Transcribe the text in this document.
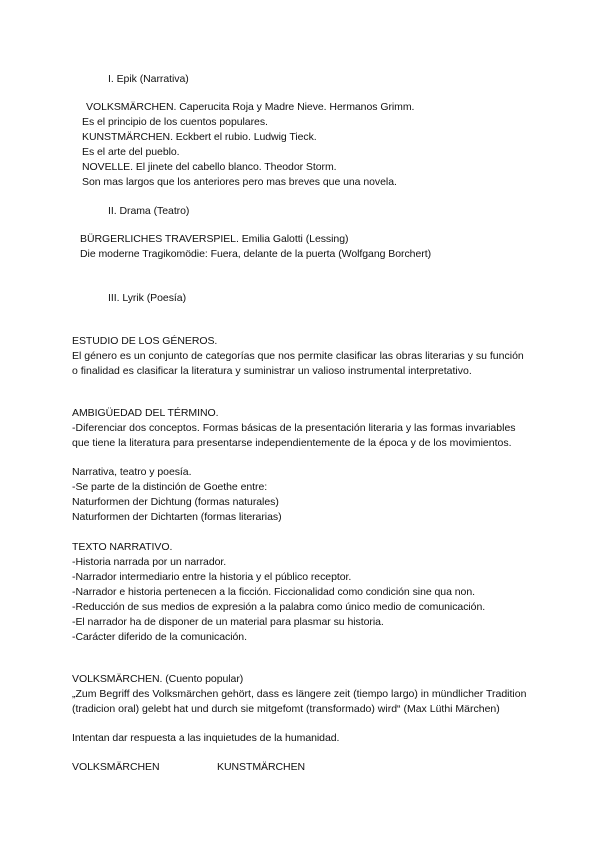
I. Epik (Narrativa)
VOLKSMÄRCHEN. Caperucita Roja y Madre Nieve. Hermanos Grimm.
Es el principio de los cuentos populares.
KUNSTMÄRCHEN. Eckbert el rubio. Ludwig Tieck.
Es el arte del pueblo.
NOVELLE. El jinete del cabello blanco. Theodor Storm.
Son mas largos que los anteriores pero mas breves que una novela.
II. Drama (Teatro)
BÜRGERLICHES TRAVERSPIEL. Emilia Galotti (Lessing)
Die moderne Tragikomödie: Fuera, delante de la puerta (Wolfgang Borchert)
III. Lyrik (Poesía)
ESTUDIO DE LOS GÉNEROS.
El género es un conjunto de categorías que nos permite clasificar las obras literarias y su función o finalidad es clasificar la literatura y suministrar un valioso instrumental interpretativo.
AMBIGÜEDAD DEL TÉRMINO.
-Diferenciar dos conceptos. Formas básicas de la presentación literaria y las formas invariables que tiene la literatura para presentarse independientemente de la época y de los movimientos.
Narrativa, teatro y poesía.
-Se parte de la distinción de Goethe entre:
Naturformen der Dichtung (formas naturales)
Naturformen der Dichtarten (formas literarias)
TEXTO NARRATIVO.
-Historia narrada por un narrador.
-Narrador intermediario entre la historia y el público receptor.
-Narrador e historia pertenecen a la ficción. Ficcionalidad como condición sine qua non.
-Reducción de sus medios de expresión a la palabra como único medio de comunicación.
-El narrador ha de disponer de un material para plasmar su historia.
-Carácter diferido de la comunicación.
VOLKSMÄRCHEN. (Cuento popular)
„Zum Begriff des Volksmärchen gehört, dass es längere zeit (tiempo largo) in mündlicher Tradition (tradicion oral) gelebt hat und durch sie mitgefomt (transformado) wird“ (Max Lüthi Märchen)
Intentan dar respuesta a las inquietudes de la humanidad.
VOLKSMÄRCHEN	KUNSTMÄRCHEN
